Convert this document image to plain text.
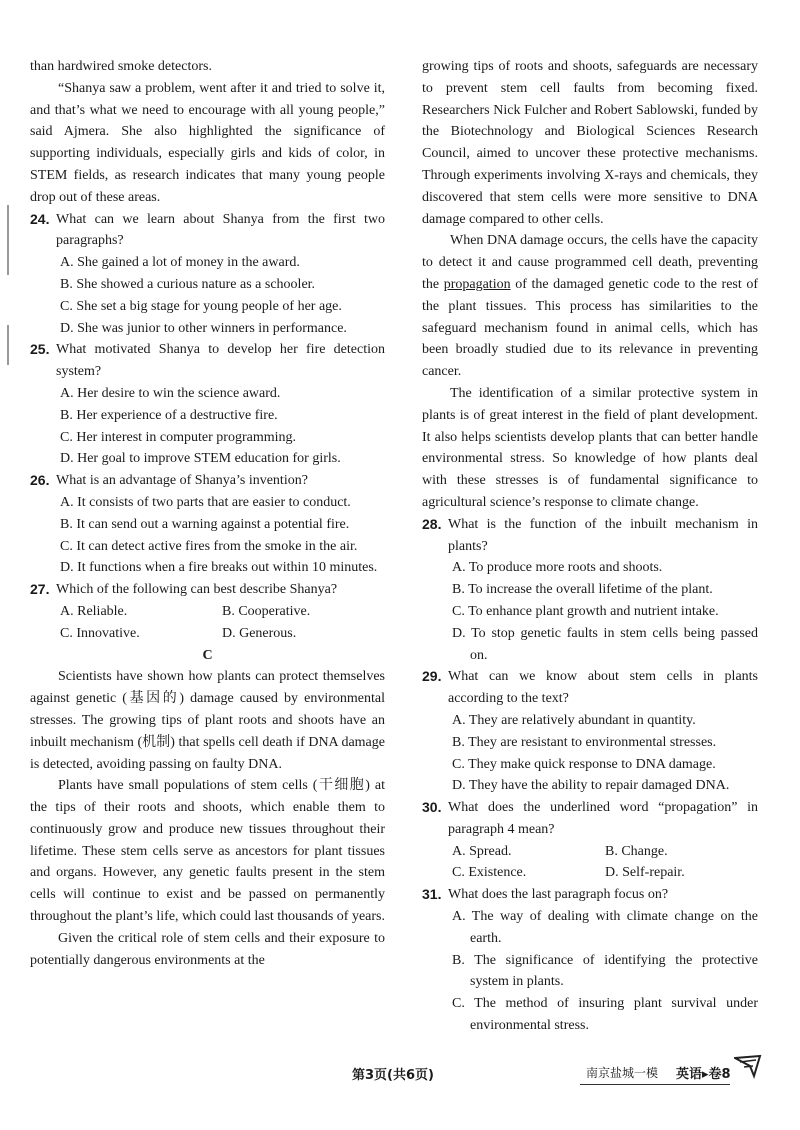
than hardwired smoke detectors.

“Shanya saw a problem, went after it and tried to solve it, and that’s what we need to encourage with all young people,” said Ajmera. She also highlighted the significance of supporting individuals, especially girls and kids of color, in STEM fields, as research indicates that many young people drop out of these areas.

24. What can we learn about Shanya from the first two paragraphs?

A. She gained a lot of money in the award.

B. She showed a curious nature as a schooler.

C. She set a big stage for young people of her age.

D. She was junior to other winners in performance.

25. What motivated Shanya to develop her fire detection system?

A. Her desire to win the science award.

B. Her experience of a destructive fire.

C. Her interest in computer programming.

D. Her goal to improve STEM education for girls.

26. What is an advantage of Shanya’s invention?

A. It consists of two parts that are easier to conduct.

B. It can send out a warning against a potential fire.

C. It can detect active fires from the smoke in the air.

D. It functions when a fire breaks out within 10 minutes.

27. Which of the following can best describe Shanya?
A. Reliable.	B. Cooperative.
C. Innovative.	D. Generous.

C

Scientists have shown how plants can protect themselves against genetic (基因的) damage caused by environmental stresses. The growing tips of plant roots and shoots have an inbuilt mechanism (机制) that spells cell death if DNA damage is detected, avoiding passing on faulty DNA.

Plants have small populations of stem cells (干细胞) at the tips of their roots and shoots, which enable them to continuously grow and produce new tissues throughout their lifetime. These stem cells serve as ancestors for plant tissues and organs. However, any genetic faults present in the stem cells will continue to exist and be passed on permanently throughout the plant’s life, which could last thousands of years.

Given the critical role of stem cells and their exposure to potentially dangerous environments at the

growing tips of roots and shoots, safeguards are necessary to prevent stem cell faults from becoming fixed. Researchers Nick Fulcher and Robert Sablowski, funded by the Biotechnology and Biological Sciences Research Council, aimed to uncover these protective mechanisms. Through experiments involving X-rays and chemicals, they discovered that stem cells were more sensitive to DNA damage compared to other cells.

When DNA damage occurs, the cells have the capacity to detect it and cause programmed cell death, preventing the propagation of the damaged genetic code to the rest of the plant tissues. This process has similarities to the safeguard mechanism found in animal cells, which has been broadly studied due to its relevance in preventing cancer.

The identification of a similar protective system in plants is of great interest in the field of plant development. It also helps scientists develop plants that can better handle environmental stress. So knowledge of how plants deal with these stresses is of fundamental significance to agricultural science’s response to climate change.

28. What is the function of the inbuilt mechanism in plants?

A. To produce more roots and shoots.

B. To increase the overall lifetime of the plant.

C. To enhance plant growth and nutrient intake.

D. To stop genetic faults in stem cells being passed on.

29. What can we know about stem cells in plants according to the text?

A. They are relatively abundant in quantity.

B. They are resistant to environmental stresses.

C. They make quick response to DNA damage.

D. They have the ability to repair damaged DNA.

30. What does the underlined word “propagation” in paragraph 4 mean?
A. Spread.	B. Change.
C. Existence.	D. Self-repair.
31. What does the last paragraph focus on?

A. The way of dealing with climate change on the earth.

B. The significance of identifying the protective system in plants.

C. The method of insuring plant survival under environmental stress.

第3页(共6页)	南京盐城一模 英语▸卷8
